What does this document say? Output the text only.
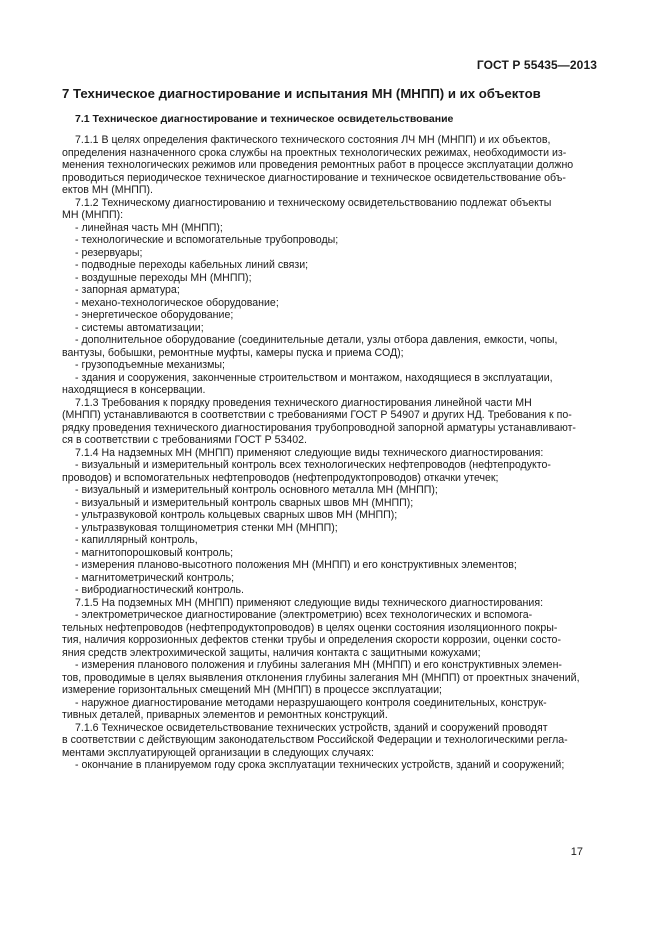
ГОСТ Р 55435—2013
7 Техническое диагностирование и испытания МН (МНПП) и их объектов
7.1 Техническое диагностирование и техническое освидетельствование
7.1.1 В целях определения фактического технического состояния ЛЧ МН (МНПП) и их объектов,
определения назначенного срока службы на проектных технологических режимах, необходимости из-
менения технологических режимов или проведения ремонтных работ в процессе эксплуатации должно
проводиться периодическое техническое диагностирование и техническое освидетельствование объ-
ектов МН (МНПП).
7.1.2 Техническому диагностированию и техническому освидетельствованию подлежат объекты
МН (МНПП):
- линейная часть МН (МНПП);
- технологические и вспомогательные трубопроводы;
- резервуары;
- подводные переходы кабельных линий связи;
- воздушные переходы МН (МНПП);
- запорная арматура;
- механо-технологическое оборудование;
- энергетическое оборудование;
- системы автоматизации;
- дополнительное оборудование (соединительные детали, узлы отбора давления, емкости, чопы,
вантузы, бобышки, ремонтные муфты, камеры пуска и приема СОД);
- грузоподъемные механизмы;
- здания и сооружения, законченные строительством и монтажом, находящиеся в эксплуатации,
находящиеся в консервации.
7.1.3 Требования к порядку проведения технического диагностирования линейной части МН
(МНПП) устанавливаются в соответствии с требованиями ГОСТ Р 54907 и других НД. Требования к по-
рядку проведения технического диагностирования трубопроводной запорной арматуры устанавливают-
ся в соответствии с требованиями ГОСТ Р 53402.
7.1.4 На надземных МН (МНПП) применяют следующие виды технического диагностирования:
- визуальный и измерительный контроль всех технологических нефтепроводов (нефтепродукто-
проводов) и вспомогательных нефтепроводов (нефтепродуктопроводов) откачки утечек;
- визуальный и измерительный контроль основного металла МН (МНПП);
- визуальный и измерительный контроль сварных швов МН (МНПП);
- ультразвуковой контроль кольцевых сварных швов МН (МНПП);
- ультразвуковая толщинометрия стенки МН (МНПП);
- капиллярный контроль,
- магнитопорошковый контроль;
- измерения планово-высотного положения МН (МНПП) и его конструктивных элементов;
- магнитометрический контроль;
- вибродиагностический контроль.
7.1.5 На подземных МН (МНПП) применяют следующие виды технического диагностирования:
- электрометрическое диагностирование (электрометрию) всех технологических и вспомога-
тельных нефтепроводов (нефтепродуктопроводов) в целях оценки состояния изоляционного покры-
тия, наличия коррозионных дефектов стенки трубы и определения скорости коррозии, оценки состо-
яния средств электрохимической защиты, наличия контакта с защитными кожухами;
- измерения планового положения и глубины залегания МН (МНПП) и его конструктивных элемен-
тов, проводимые в целях выявления отклонения глубины залегания МН (МНПП) от проектных значений,
измерение горизонтальных смещений МН (МНПП) в процессе эксплуатации;
- наружное диагностирование методами неразрушающего контроля соединительных, конструк-
тивных деталей, приварных элементов и ремонтных конструкций.
7.1.6 Техническое освидетельствование технических устройств, зданий и сооружений проводят
в соответствии с действующим законодательством Российской Федерации и технологическими регла-
ментами эксплуатирующей организации в следующих случаях:
- окончание в планируемом году срока эксплуатации технических устройств, зданий и сооружений;
17
